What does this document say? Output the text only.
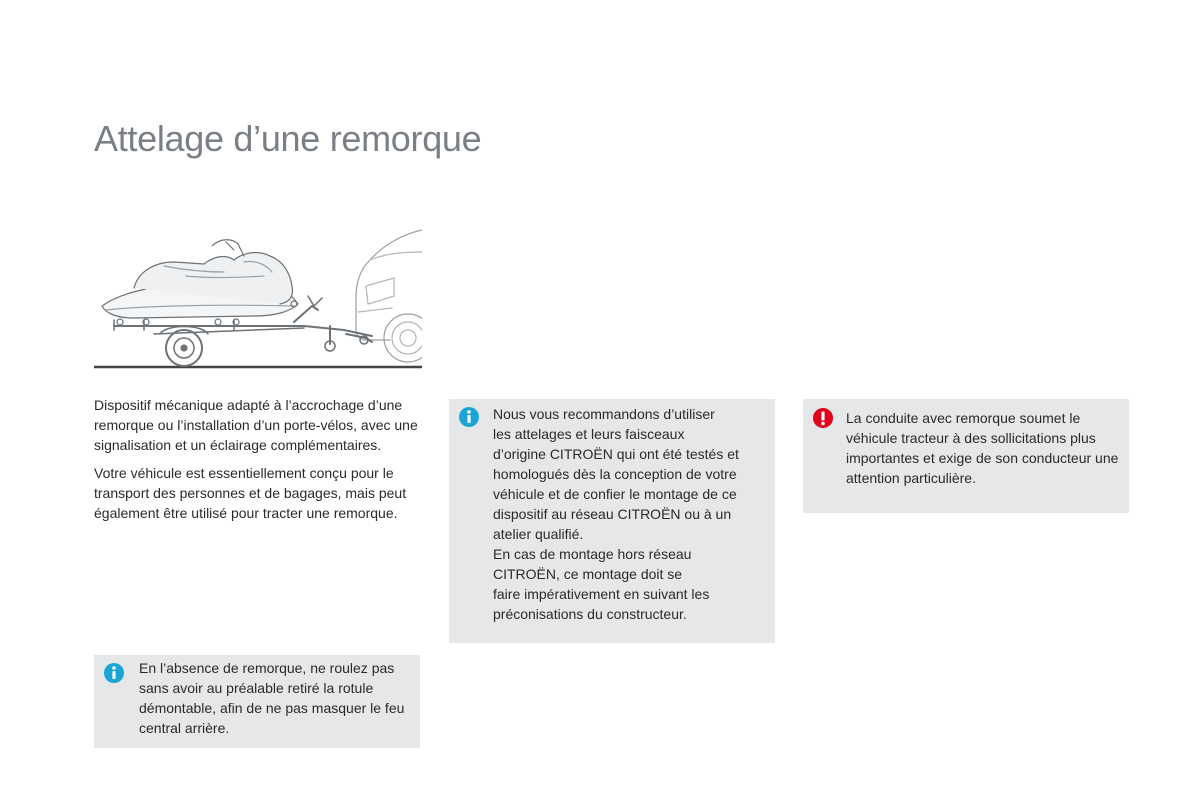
Attelage d’une remorque

Dispositif mécanique adapté à l’accrochage d’une remorque ou l’installation d’un porte-vélos, avec une signalisation et un éclairage complémentaires.

Votre véhicule est essentiellement conçu pour le transport des personnes et de bagages, mais peut également être utilisé pour tracter une remorque.

Nous vous recommandons d’utiliser
les attelages et leurs faisceaux
d’origine CITROËN qui ont été testés et
homologués dès la conception de votre
véhicule et de confier le montage de ce
dispositif au réseau CITROËN ou à un
atelier qualifié.
En cas de montage hors réseau
CITROËN, ce montage doit se
faire impérativement en suivant les
préconisations du constructeur.
La conduite avec remorque soumet le véhicule tracteur à des sollicitations plus importantes et exige de son conducteur une attention particulière.
En l’absence de remorque, ne roulez pas sans avoir au préalable retiré la rotule démontable, afin de ne pas masquer le feu central arrière.
